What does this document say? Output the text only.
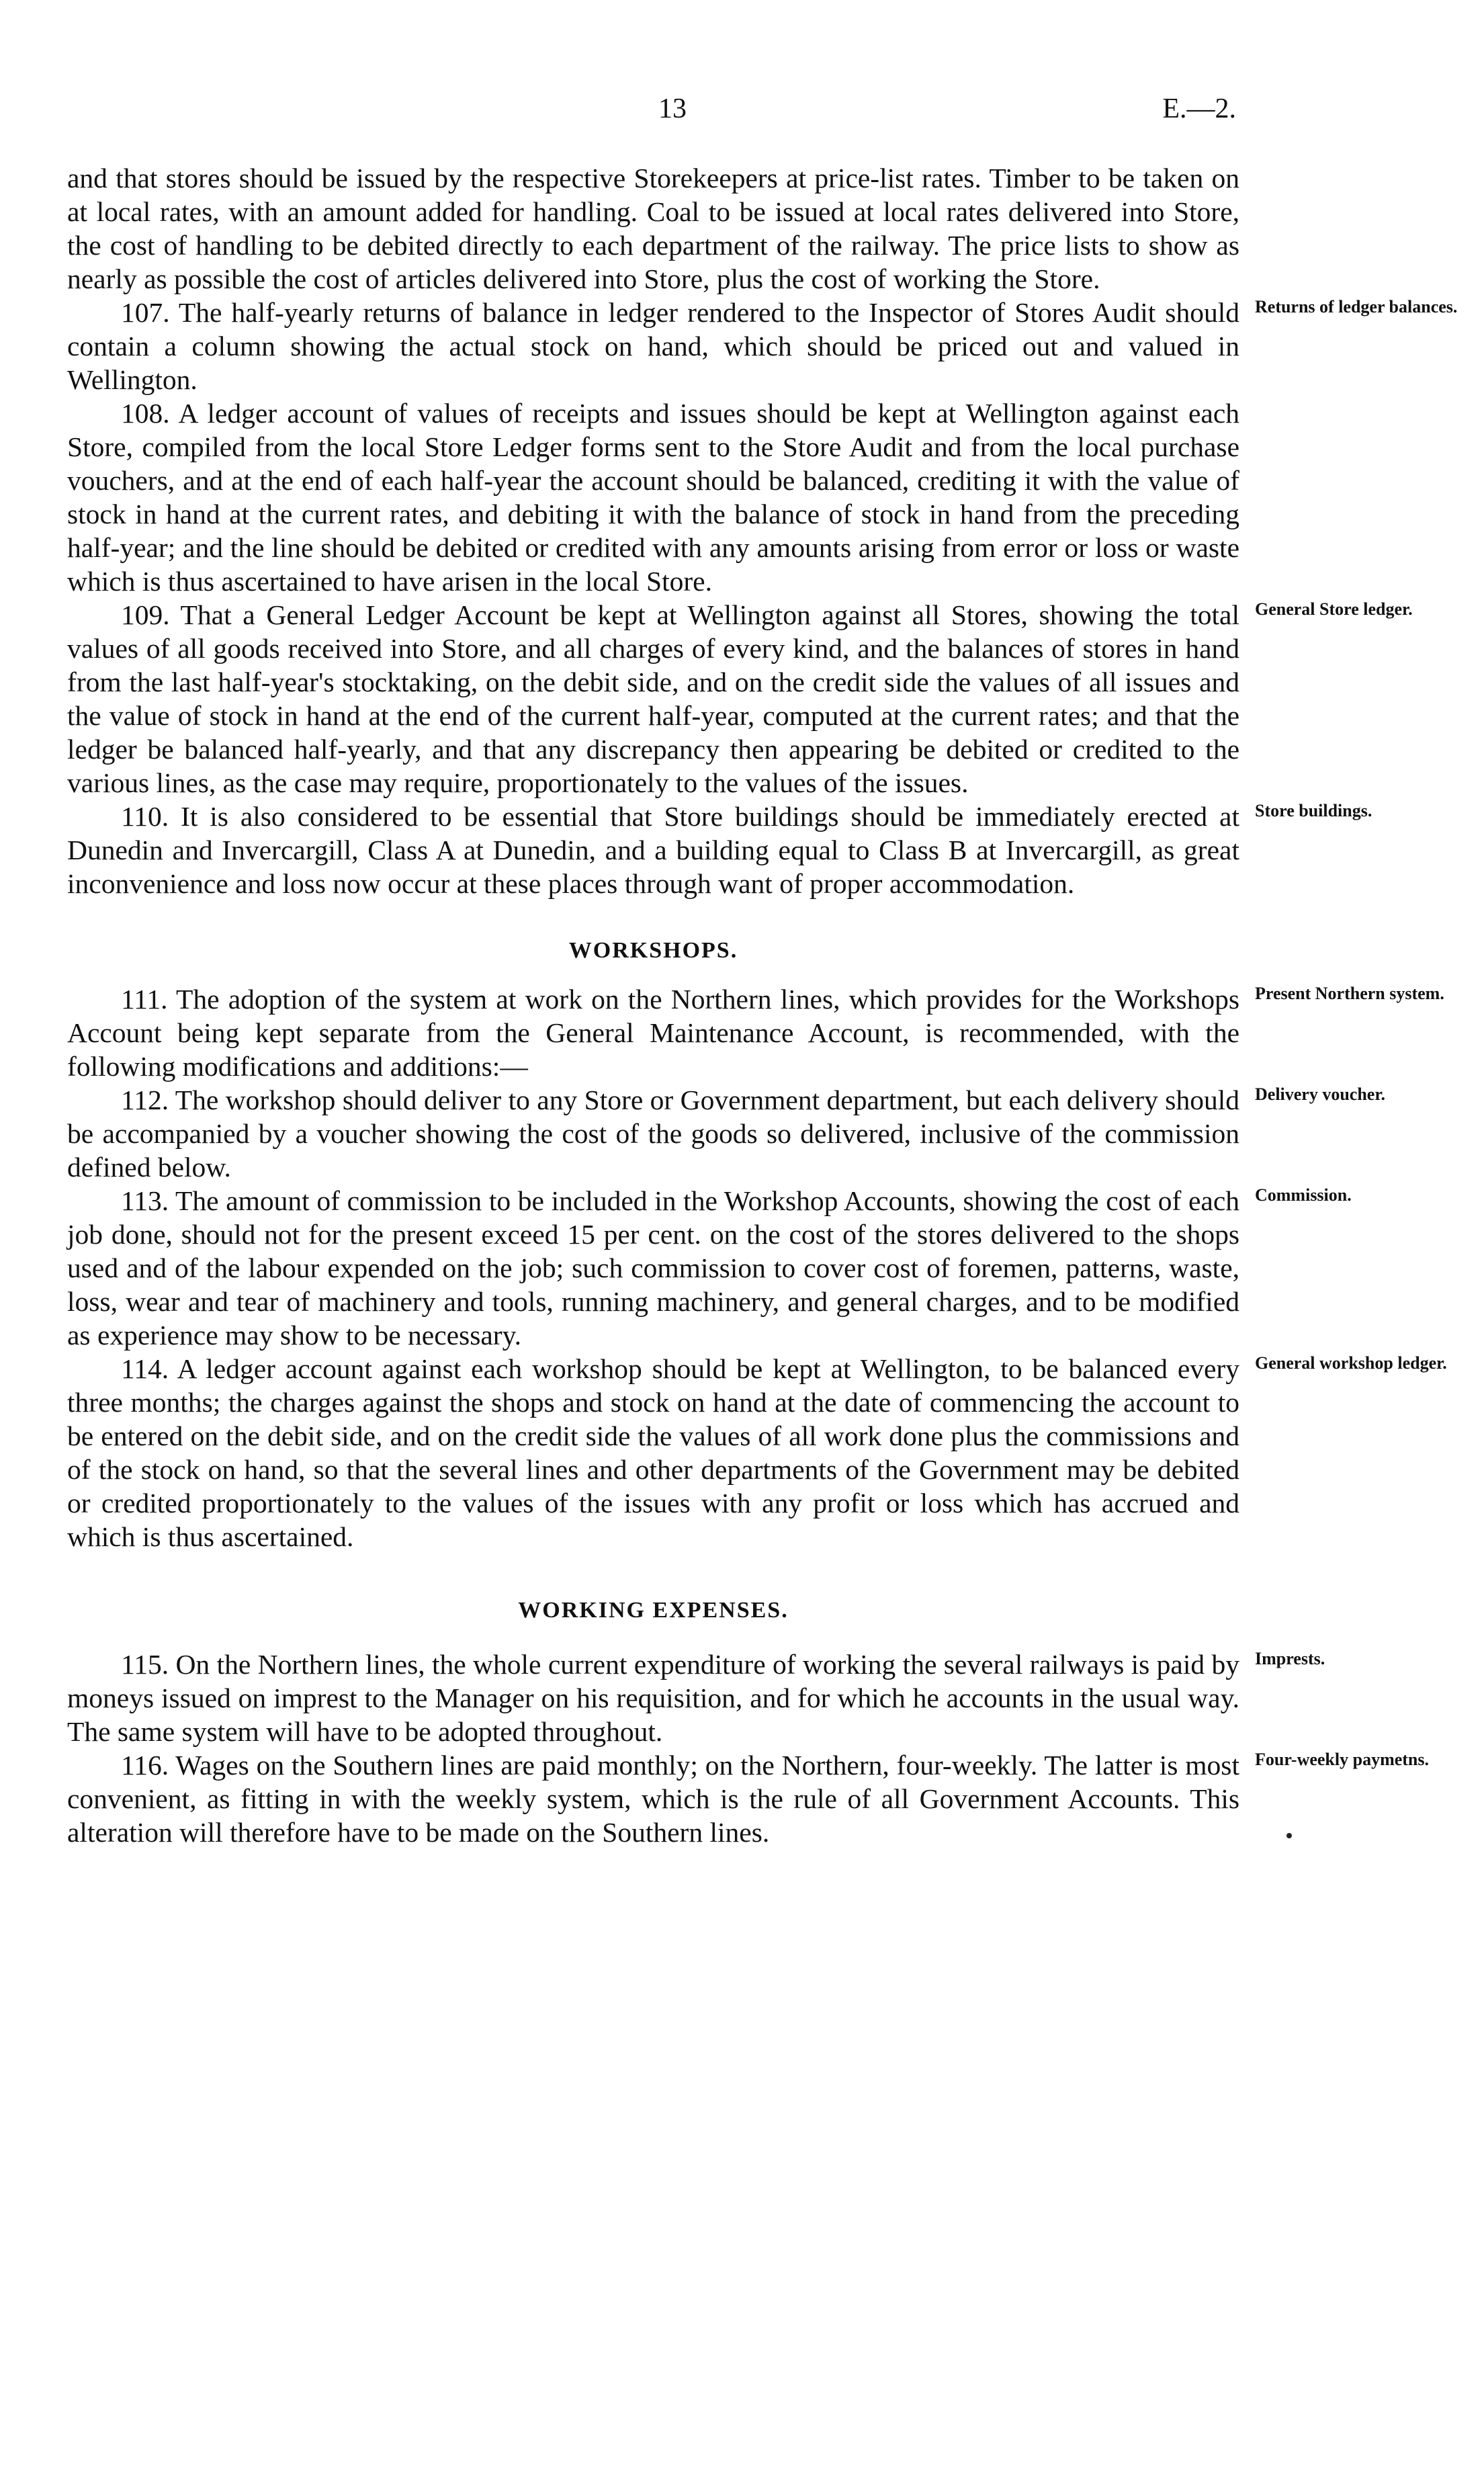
13	E.—2.

and that stores should be issued by the respective Storekeepers at price-list rates. Timber to be taken on at local rates, with an amount added for handling. Coal to be issued at local rates delivered into Store, the cost of handling to be debited directly to each department of the railway. The price lists to show as nearly as possible the cost of articles delivered into Store, plus the cost of working the Store.

107. The half-yearly returns of balance in ledger rendered to the Inspector of Stores Audit should contain a column showing the actual stock on hand, which should be priced out and valued in Wellington.
Returns of ledger balances.

108. A ledger account of values of receipts and issues should be kept at Wellington against each Store, compiled from the local Store Ledger forms sent to the Store Audit and from the local purchase vouchers, and at the end of each half-year the account should be balanced, crediting it with the value of stock in hand at the current rates, and debiting it with the balance of stock in hand from the preceding half-year; and the line should be debited or credited with any amounts arising from error or loss or waste which is thus ascertained to have arisen in the local Store.

109. That a General Ledger Account be kept at Wellington against all Stores, showing the total values of all goods received into Store, and all charges of every kind, and the balances of stores in hand from the last half-year's stocktaking, on the debit side, and on the credit side the values of all issues and the value of stock in hand at the end of the current half-year, computed at the current rates; and that the ledger be balanced half-yearly, and that any discrepancy then appearing be debited or credited to the various lines, as the case may require, proportionately to the values of the issues.
General Store ledger.
110. It is also considered to be essential that Store buildings should be immediately erected at Dunedin and Invercargill, Class A at Dunedin, and a building equal to Class B at Invercargill, as great inconvenience and loss now occur at these places through want of proper accommodation.
Store buildings.
WORKSHOPS.
111. The adoption of the system at work on the Northern lines, which provides for the Workshops Account being kept separate from the General Maintenance Account, is recommended, with the following modifications and additions:—
Present Northern system.
112. The workshop should deliver to any Store or Government department, but each delivery should be accompanied by a voucher showing the cost of the goods so delivered, inclusive of the commission defined below.
Delivery voucher.
113. The amount of commission to be included in the Workshop Accounts, showing the cost of each job done, should not for the present exceed 15 per cent. on the cost of the stores delivered to the shops used and of the labour expended on the job; such commission to cover cost of foremen, patterns, waste, loss, wear and tear of machinery and tools, running machinery, and general charges, and to be modified as experience may show to be necessary.
Commission.
114. A ledger account against each workshop should be kept at Wellington, to be balanced every three months; the charges against the shops and stock on hand at the date of commencing the account to be entered on the debit side, and on the credit side the values of all work done plus the commissions and of the stock on hand, so that the several lines and other departments of the Government may be debited or credited proportionately to the values of the issues with any profit or loss which has accrued and which is thus ascertained.
General workshop ledger.
WORKING EXPENSES.
115. On the Northern lines, the whole current expenditure of working the several railways is paid by moneys issued on imprest to the Manager on his requisition, and for which he accounts in the usual way. The same system will have to be adopted throughout.
Imprests.
116. Wages on the Southern lines are paid monthly; on the Northern, four-weekly. The latter is most convenient, as fitting in with the weekly system, which is the rule of all Government Accounts. This alteration will therefore have to be made on the Southern lines.
Four-weekly paymetns.
